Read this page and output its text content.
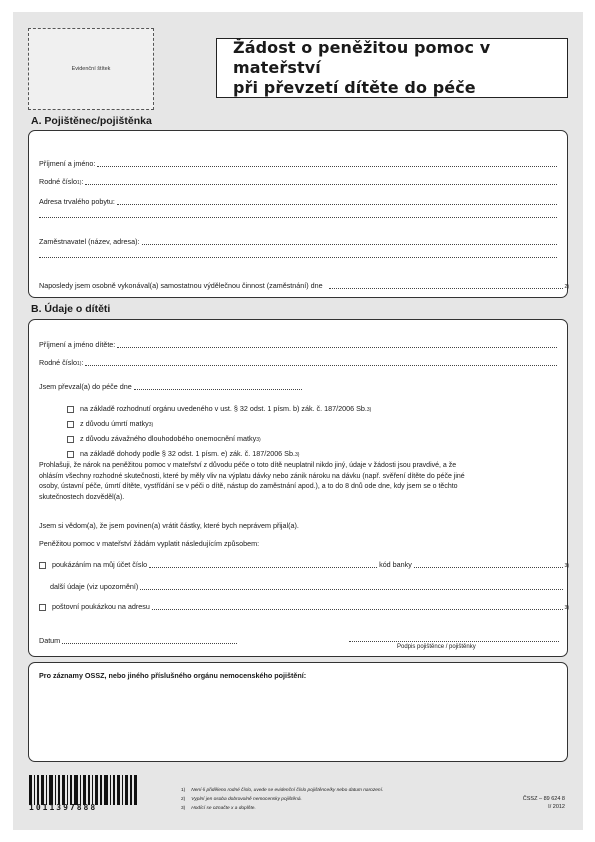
Evidenční štítek
Žádost o peněžitou pomoc v mateřství
při převzetí dítěte do péče
A. Pojištěnec/pojištěnka
Příjmení a jméno:
Rodné číslo 1) :
Adresa trvalého pobytu:
Zaměstnavatel (název, adresa):
Naposledy jsem osobně vykonával(a) samostatnou výdělečnou činnost (zaměstnání) dne	2)
B. Údaje o dítěti
Příjmení a jméno dítěte:
Rodné číslo 1) :
Jsem převzal(a) do péče dne
na základě rozhodnutí orgánu uvedeného v ust. § 32 odst. 1 písm. b) zák. č. 187/2006 Sb. 3)
z důvodu úmrtí matky 3)
z důvodu závažného dlouhodobého onemocnění matky 3)
na základě dohody podle § 32 odst. 1 písm. e) zák. č. 187/2006 Sb. 3)
Prohlašuji, že nárok na peněžitou pomoc v mateřství z důvodu péče o toto dítě neuplatnil nikdo jiný, údaje v žádosti jsou pravdivé, a že
ohlásím všechny rozhodné skutečnosti, které by měly vliv na výplatu dávky nebo zánik nároku na dávku (např. svěření dítěte do péče jiné
osoby, ústavní péče, úmrtí dítěte, vystřídání se v péči o dítě, nástup do zaměstnání apod.), a to do 8 dnů ode dne, kdy jsem se o těchto
skutečnostech dozvěděl(a).
Jsem si vědom(a), že jsem povinen(a) vrátit částky, které bych neprávem přijal(a).
Peněžitou pomoc v mateřství žádám vyplatit následujícím způsobem:
poukázáním na můj účet číslo	kód banky	3)
další údaje (viz upozornění)
poštovní poukázkou na adresu	3)
Datum
Podpis pojištěnce / pojištěnky
Pro záznamy OSSZ, nebo jiného příslušného orgánu nemocenského pojištění:
1011397888
1) Není-li přiděleno rodné číslo, uvede se evidenční číslo pojištěnce/ky nebo datum narození.
2) Vyplní jen osoba dobrovolně nemocensky pojištěná.
3) Hodící se označte x a doplňte.
ČSSZ – 89 624 8
I/ 2012
